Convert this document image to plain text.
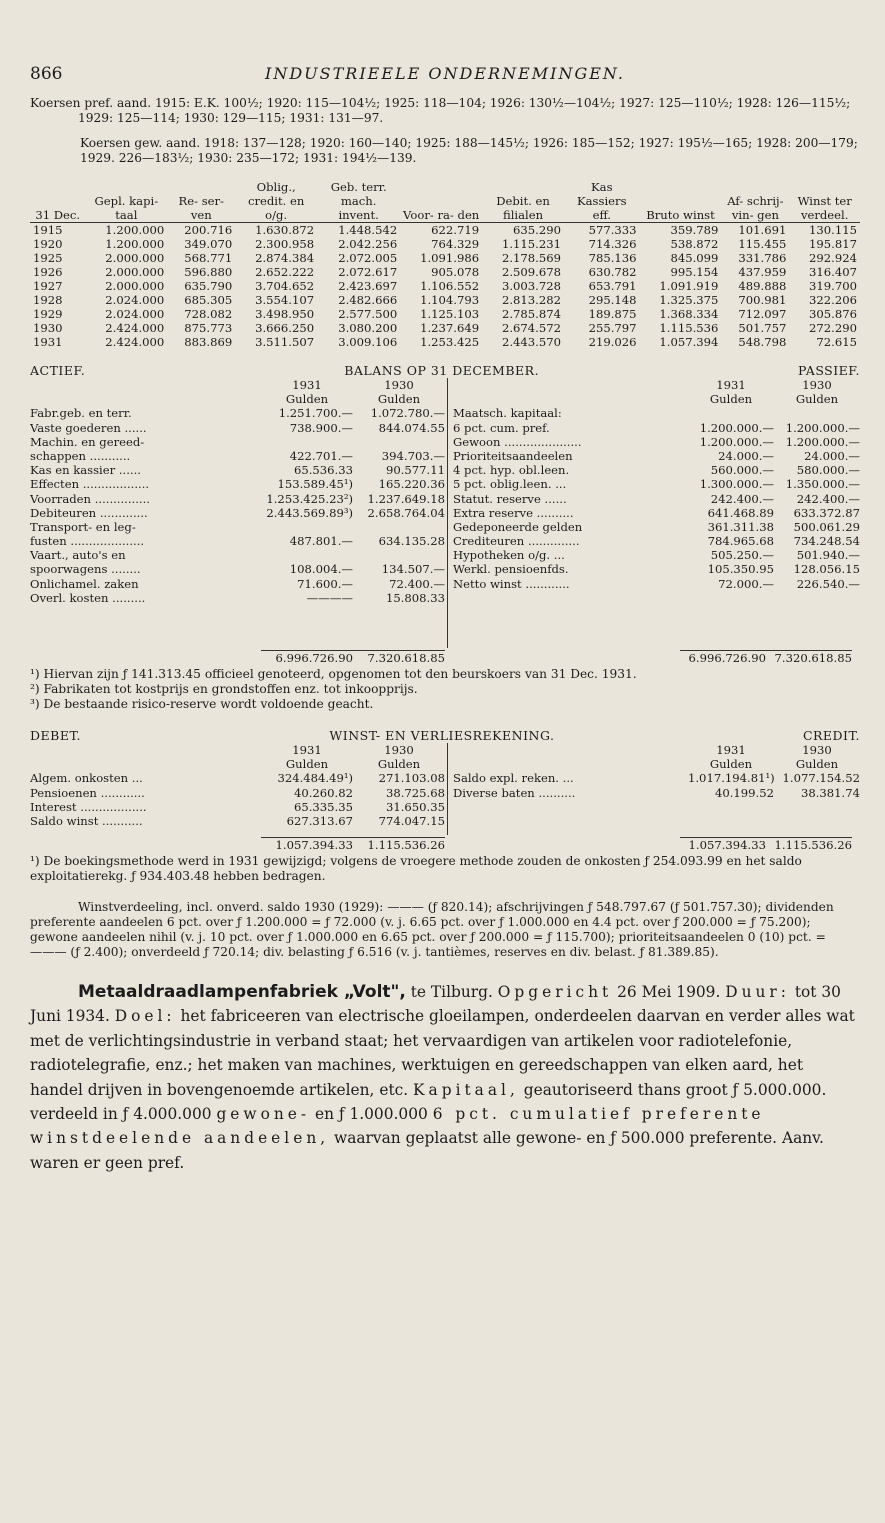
866	INDUSTRIEELE ONDERNEMINGEN.
Koersen pref. aand. 1915: E.K. 100½; 1920: 115—104½; 1925: 118—104; 1926: 130½—104½; 1927: 125—110½; 1928: 126—115½; 1929: 125—114; 1930: 129—115; 1931: 131—97.
Koersen gew. aand. 1918: 137—128; 1920: 160—140; 1925: 188—145½; 1926: 185—152; 1927: 195½—165; 1928: 200—179; 1929. 226—183½; 1930: 235—172; 1931: 194½—139.
31 Dec.	Gepl. kapi- taal	Re- ser- ven	Oblig., credit. en o/g.	Geb. terr. mach. invent.	Voor- ra- den	Debit. en filialen	Kas Kassiers eff.	Bruto winst	Af- schrij- vin- gen	Winst ter verdeel.
1915	1.200.000	200.716	1.630.872	1.448.542	622.719	635.290	577.333	359.789	101.691	130.115
1920	1.200.000	349.070	2.300.958	2.042.256	764.329	1.115.231	714.326	538.872	115.455	195.817
1925	2.000.000	568.771	2.874.384	2.072.005	1.091.986	2.178.569	785.136	845.099	331.786	292.924
1926	2.000.000	596.880	2.652.222	2.072.617	905.078	2.509.678	630.782	995.154	437.959	316.407
1927	2.000.000	635.790	3.704.652	2.423.697	1.106.552	3.003.728	653.791	1.091.919	489.888	319.700
1928	2.024.000	685.305	3.554.107	2.482.666	1.104.793	2.813.282	295.148	1.325.375	700.981	322.206
1929	2.024.000	728.082	3.498.950	2.577.500	1.125.103	2.785.874	189.875	1.368.334	712.097	305.876
1930	2.424.000	875.773	3.666.250	3.080.200	1.237.649	2.674.572	255.797	1.115.536	501.757	272.290
1931	2.424.000	883.869	3.511.507	3.009.106	1.253.425	2.443.570	219.026	1.057.394	548.798	72.615
ACTIEF.	BALANS OP 31 DECEMBER.	PASSIEF.
1931	1930
Gulden	Gulden
Fabr.geb. en terr.	1.251.700.—	1.072.780.—
Vaste goederen ......	738.900.—	844.074.55
Machin. en gereed-
schappen ...........	422.701.—	394.703.—
Kas en kassier ......	65.536.33	90.577.11
Effecten ..................	153.589.45¹)	165.220.36
Voorraden ...............	1.253.425.23²)	1.237.649.18
Debiteuren .............	2.443.569.89³)	2.658.764.04
Transport- en leg-
fusten ....................	487.801.—	634.135.28
Vaart., auto's en
spoorwagens ........	108.004.—	134.507.—
Onlichamel. zaken	71.600.—	72.400.—
Overl. kosten .........	————	15.808.33
1931	1930
Gulden	Gulden
Maatsch. kapitaal:
6 pct. cum. pref.	1.200.000.—	1.200.000.—
Gewoon .....................	1.200.000.—	1.200.000.—
Prioriteitsaandeelen	24.000.—	24.000.—
4 pct. hyp. obl.leen.	560.000.—	580.000.—
5 pct. oblig.leen. ...	1.300.000.—	1.350.000.—
Statut. reserve ......	242.400.—	242.400.—
Extra reserve ..........	641.468.89	633.372.87
Gedeponeerde gelden	361.311.38	500.061.29
Crediteuren ..............	784.965.68	734.248.54
Hypotheken o/g. ...	505.250.—	501.940.—
Werkl. pensioenfds.	105.350.95	128.056.15
Netto winst ............	72.000.—	226.540.—
6.996.726.90	7.320.618.85	6.996.726.90 7.320.618.85
¹) Hiervan zijn ƒ 141.313.45 officieel genoteerd, opgenomen tot den beurskoers van 31 Dec. 1931.
²) Fabrikaten tot kostprijs en grondstoffen enz. tot inkoopprijs.
³) De bestaande risico-reserve wordt voldoende geacht.
DEBET.	WINST- EN VERLIESREKENING.	CREDIT.
1931	1930
Gulden	Gulden
Algem. onkosten ...	324.484.49¹)	271.103.08
Pensioenen ............	40.260.82	38.725.68
Interest ..................	65.335.35	31.650.35
Saldo winst ...........	627.313.67	774.047.15
1931	1930
Gulden	Gulden
Saldo expl. reken. ...	1.017.194.81¹) 1.077.154.52
Diverse baten ..........	40.199.52	38.381.74
1.057.394.33	1.115.536.26	1.057.394.33 1.115.536.26
¹) De boekingsmethode werd in 1931 gewijzigd; volgens de vroegere methode zouden de onkosten ƒ 254.093.99 en het saldo exploitatierekg. ƒ 934.403.48 hebben bedragen.
Winstverdeeling, incl. onverd. saldo 1930 (1929): ——— (ƒ 820.14); afschrijvingen ƒ 548.797.67 (ƒ 501.757.30); dividenden preferente aandeelen 6 pct. over ƒ 1.200.000 = ƒ 72.000 (v. j. 6.65 pct. over ƒ 1.000.000 en 4.4 pct. over ƒ 200.000 = ƒ 75.200); gewone aandeelen nihil (v. j. 10 pct. over ƒ 1.000.000 en 6.65 pct. over ƒ 200.000 = ƒ 115.700); prioriteitsaandeelen 0 (10) pct. = ——— (ƒ 2.400); onverdeeld ƒ 720.14; div. belasting ƒ 6.516 (v. j. tantièmes, reserves en div. belast. ƒ 81.389.85).
Metaaldraadlampenfabriek „Volt", te Tilburg. Opgericht 26 Mei 1909. Duur: tot 30 Juni 1934. Doel: het fabriceeren van electrische gloeilampen, onderdeelen daarvan en verder alles wat met de verlichtingsindustrie in verband staat; het vervaardigen van artikelen voor radiotelefonie, radiotelegrafie, enz.; het maken van machines, werktuigen en gereedschappen van elken aard, het handel drijven in bovengenoemde artikelen, etc. Kapitaal, geautoriseerd thans groot ƒ 5.000.000. verdeeld in ƒ 4.000.000 gewone- en ƒ 1.000.000 6 pct. cumulatief preferente winstdeelende aandeelen, waarvan geplaatst alle gewone- en ƒ 500.000 preferente. Aanv. waren er geen pref.
